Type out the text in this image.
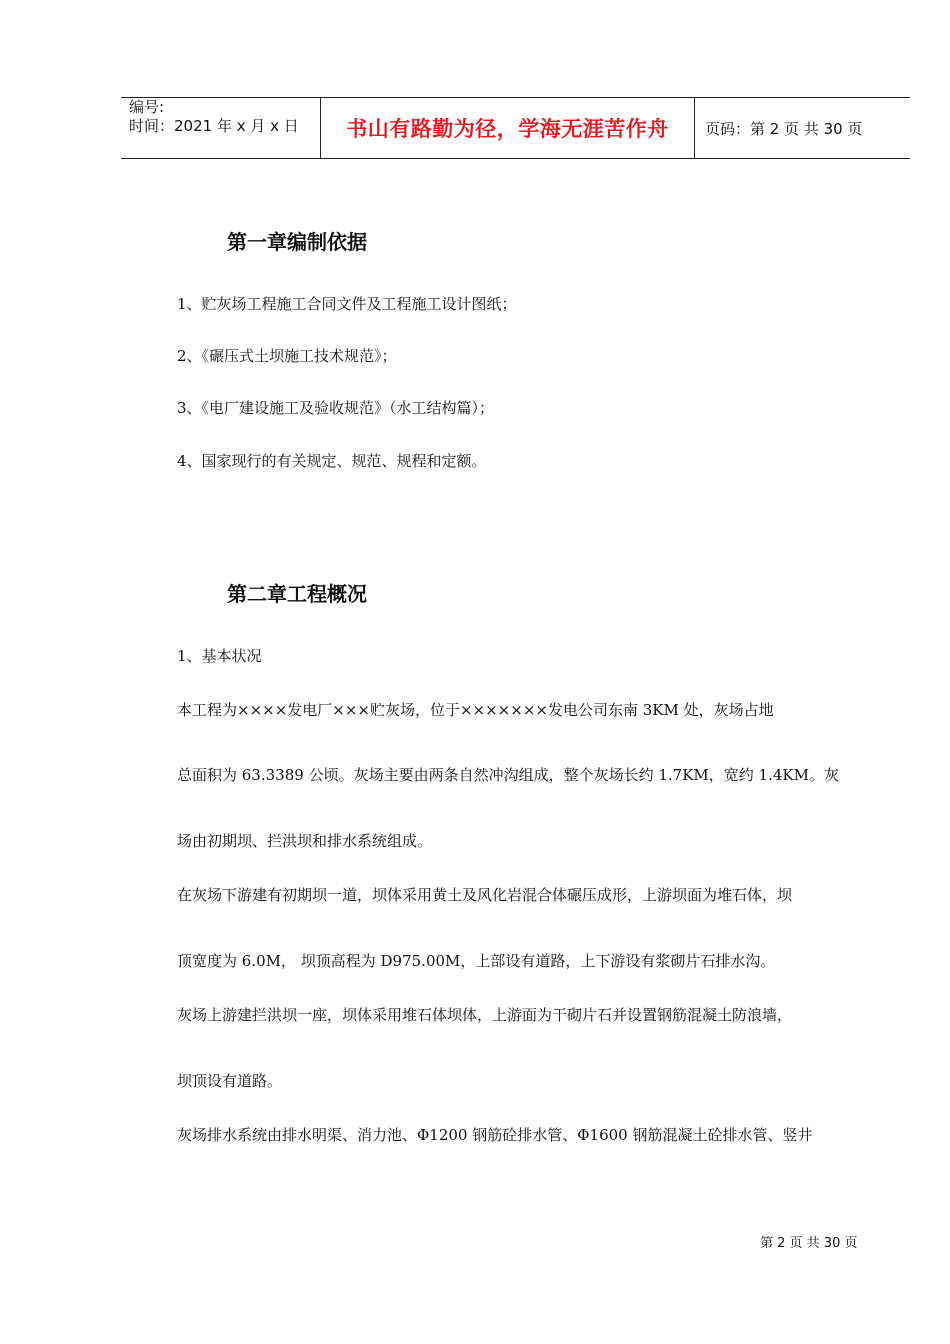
编号:
时间：2021 年 x 月 x 日 书山有路勤为径，学海无涯苦作舟 页码：第 2 页 共 30 页
第一章编制依据

1、贮灰场工程施工合同文件及工程施工设计图纸；

2、《碾压式土坝施工技术规范》；

3、《电厂建设施工及验收规范》（水工结构篇）；

4、国家现行的有关规定、规范、规程和定额。

第二章工程概况

1、基本状况

本工程为××××发电厂×××贮灰场，位于×××××××发电公司东南 3KM 处，灰场占地

总面积为 63.3389 公顷。灰场主要由两条自然冲沟组成，整个灰场长约 1.7KM，宽约 1.4KM。灰

场由初期坝、拦洪坝和排水系统组成。

在灰场下游建有初期坝一道，坝体采用黄土及风化岩混合体碾压成形，上游坝面为堆石体，坝

顶宽度为 6.0M， 坝顶高程为 D975.00M，上部设有道路，上下游设有浆砌片石排水沟。

灰场上游建拦洪坝一座，坝体采用堆石体坝体，上游面为干砌片石并设置钢筋混凝土防浪墙，

坝顶设有道路。

灰场排水系统由排水明渠、消力池、Φ1200 钢筋砼排水管、Φ1600 钢筋混凝土砼排水管、竖井

第 2 页 共 30 页
